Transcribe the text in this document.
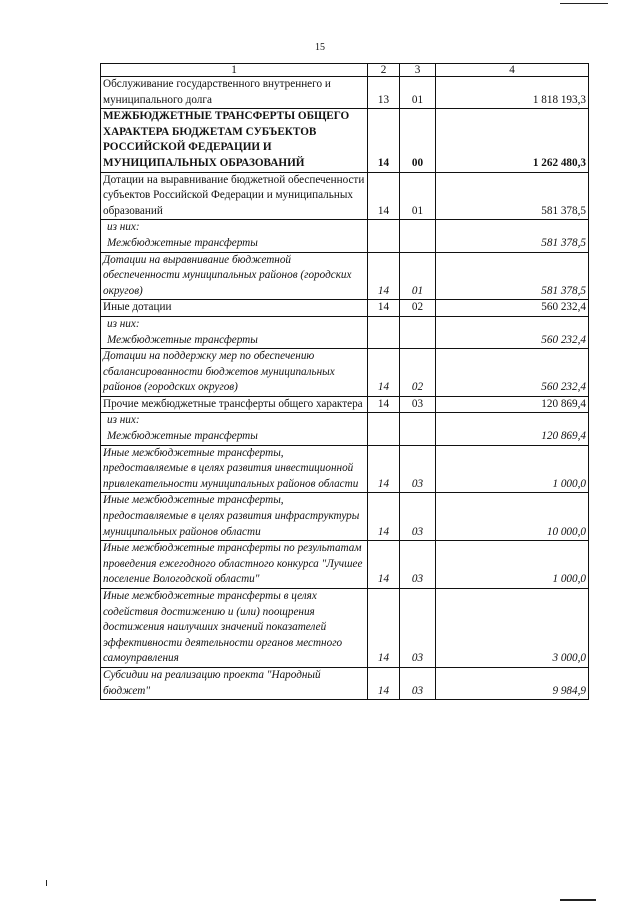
15
1	2	3	4
Обслуживание государственного внутреннего и муниципального долга	13	01	1 818 193,3
МЕЖБЮДЖЕТНЫЕ ТРАНСФЕРТЫ ОБЩЕГО ХАРАКТЕРА БЮДЖЕТАМ СУБЪЕКТОВ РОССИЙСКОЙ ФЕДЕРАЦИИ И МУНИЦИПАЛЬНЫХ ОБРАЗОВАНИЙ	14	00	1 262 480,3
Дотации на выравнивание бюджетной обеспеченности субъектов Российской Федерации и муниципальных образований	14	01	581 378,5

из них:
Межбюджетные трансферты			581 378,5
Дотации на выравнивание бюджетной обеспеченности муниципальных районов (городских округов)	14	01	581 378,5
Иные дотации	14	02	560 232,4

из них:
Межбюджетные трансферты			560 232,4
Дотации на поддержку мер по обеспечению сбалансированности бюджетов муниципальных районов (городских округов)	14	02	560 232,4
Прочие межбюджетные трансферты общего характера	14	03	120 869,4

из них:
Межбюджетные трансферты			120 869,4
Иные межбюджетные трансферты, предоставляемые в целях развития инвестиционной привлекательности муниципальных районов области	14	03	1 000,0
Иные межбюджетные трансферты, предоставляемые в целях развития инфраструктуры муниципальных районов области	14	03	10 000,0
Иные межбюджетные трансферты по результатам проведения ежегодного областного конкурса "Лучшее поселение Вологодской области"	14	03	1 000,0
Иные межбюджетные трансферты в целях содействия достижению и (или) поощрения достижения наилучших значений показателей эффективности деятельности органов местного самоуправления	14	03	3 000,0
Субсидии на реализацию проекта "Народный бюджет"	14	03	9 984,9
